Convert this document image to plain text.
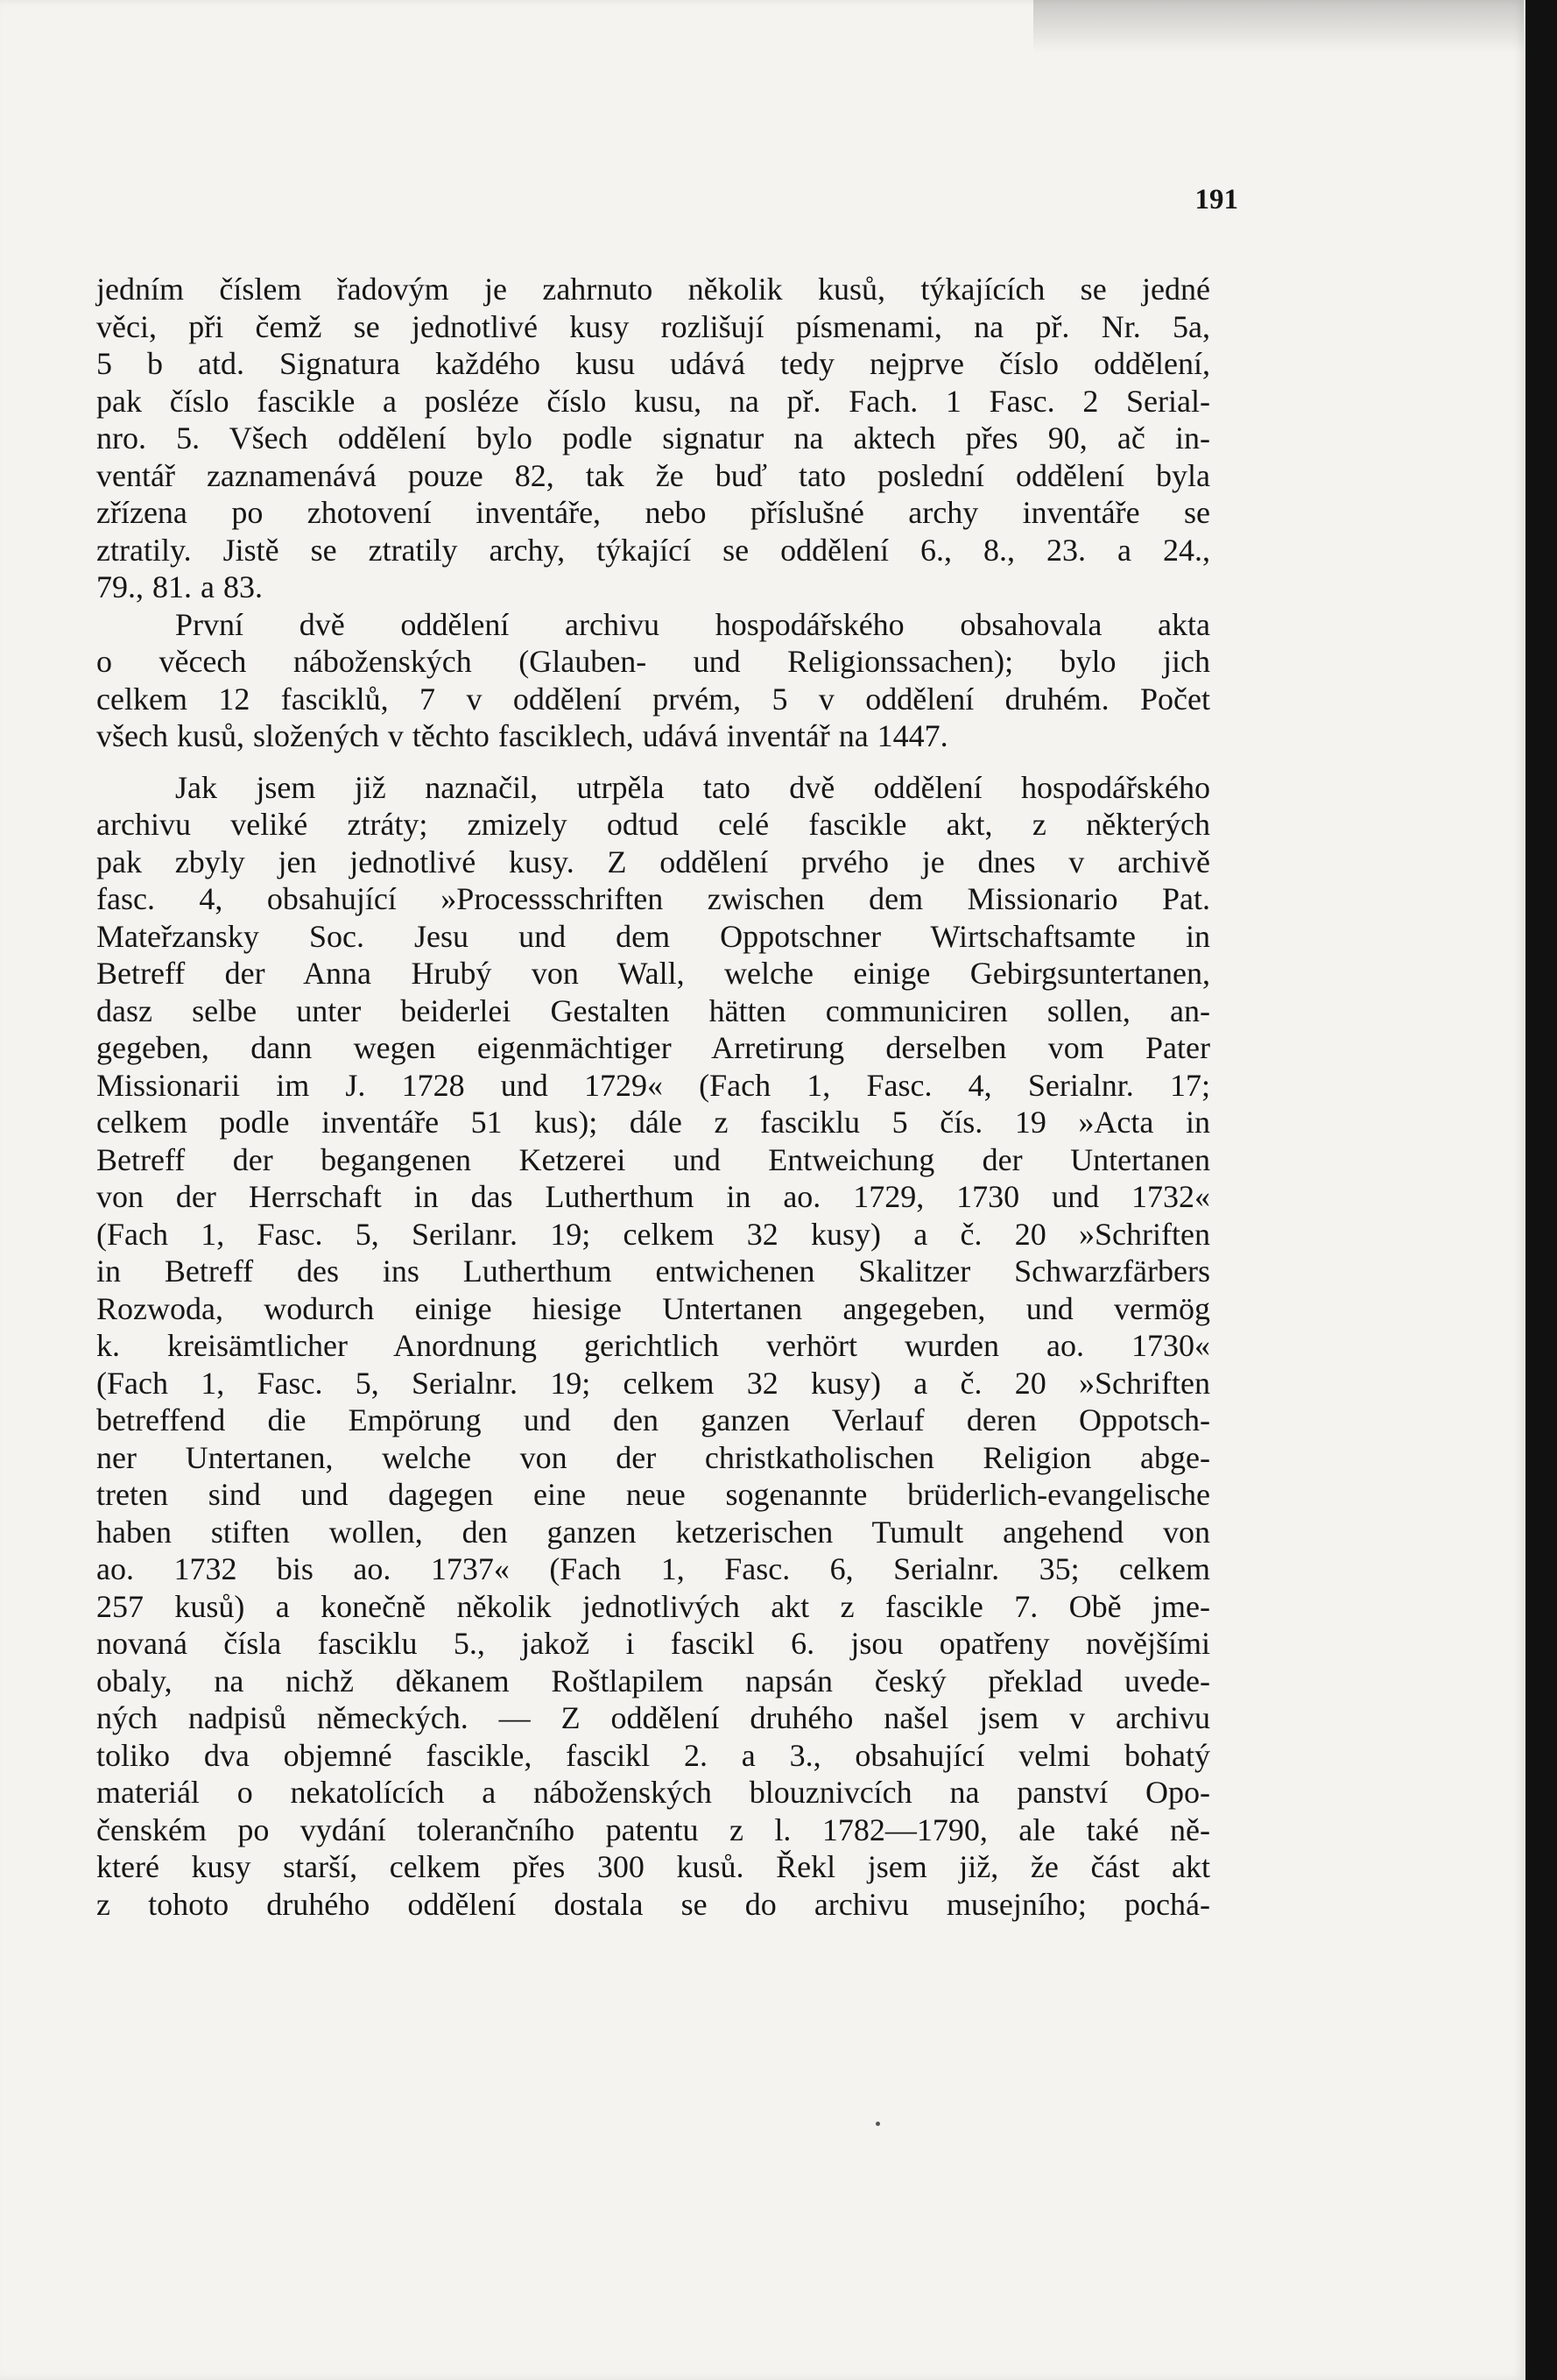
191
jedním číslem řadovým je zahrnuto několik kusů, týkajících se jedné
věci, při čemž se jednotlivé kusy rozlišují písmenami, na př. Nr. 5a,
5 b atd. Signatura každého kusu udává tedy nejprve číslo oddělení,
pak číslo fascikle a posléze číslo kusu, na př. Fach. 1 Fasc. 2 Serial-
nro. 5. Všech oddělení bylo podle signatur na aktech přes 90, ač in-
ventář zaznamenává pouze 82, tak že buď tato poslední oddělení byla
zřízena po zhotovení inventáře, nebo příslušné archy inventáře se
ztratily. Jistě se ztratily archy, týkající se oddělení 6., 8., 23. a 24.,
79., 81. a 83.
První dvě oddělení archivu hospodářského obsahovala akta
o věcech náboženských (Glauben- und Religionssachen); bylo jich
celkem 12 fasciklů, 7 v oddělení prvém, 5 v oddělení druhém. Počet
všech kusů, složených v těchto fasciklech, udává inventář na 1447.
Jak jsem již naznačil, utrpěla tato dvě oddělení hospodářského
archivu veliké ztráty; zmizely odtud celé fascikle akt, z některých
pak zbyly jen jednotlivé kusy. Z oddělení prvého je dnes v archivě
fasc. 4, obsahující »Processschriften zwischen dem Missionario Pat.
Mateřzansky Soc. Jesu und dem Oppotschner Wirtschaftsamte in
Betreff der Anna Hrubý von Wall, welche einige Gebirgsuntertanen,
dasz selbe unter beiderlei Gestalten hätten communiciren sollen, an-
gegeben, dann wegen eigenmächtiger Arretirung derselben vom Pater
Missionarii im J. 1728 und 1729« (Fach 1, Fasc. 4, Serialnr. 17;
celkem podle inventáře 51 kus); dále z fasciklu 5 čís. 19 »Acta in
Betreff der begangenen Ketzerei und Entweichung der Untertanen
von der Herrschaft in das Lutherthum in ao. 1729, 1730 und 1732«
(Fach 1, Fasc. 5, Serilanr. 19; celkem 32 kusy) a č. 20 »Schriften
in Betreff des ins Lutherthum entwichenen Skalitzer Schwarzfärbers
Rozwoda, wodurch einige hiesige Untertanen angegeben, und vermög
k. kreisämtlicher Anordnung gerichtlich verhört wurden ao. 1730«
(Fach 1, Fasc. 5, Serialnr. 19; celkem 32 kusy) a č. 20 »Schriften
betreffend die Empörung und den ganzen Verlauf deren Oppotsch-
ner Untertanen, welche von der christkatholischen Religion abge-
treten sind und dagegen eine neue sogenannte brüderlich-evangelische
haben stiften wollen, den ganzen ketzerischen Tumult angehend von
ao. 1732 bis ao. 1737« (Fach 1, Fasc. 6, Serialnr. 35; celkem
257 kusů) a konečně několik jednotlivých akt z fascikle 7. Obě jme-
novaná čísla fasciklu 5., jakož i fascikl 6. jsou opatřeny novějšími
obaly, na nichž děkanem Roštlapilem napsán český překlad uvede-
ných nadpisů německých. — Z oddělení druhého našel jsem v archivu
toliko dva objemné fascikle, fascikl 2. a 3., obsahující velmi bohatý
materiál o nekatolících a náboženských blouznivcích na panství Opo-
čenském po vydání tolerančního patentu z l. 1782—1790, ale také ně-
které kusy starší, celkem přes 300 kusů. Řekl jsem již, že část akt
z tohoto druhého oddělení dostala se do archivu musejního; pochá-
